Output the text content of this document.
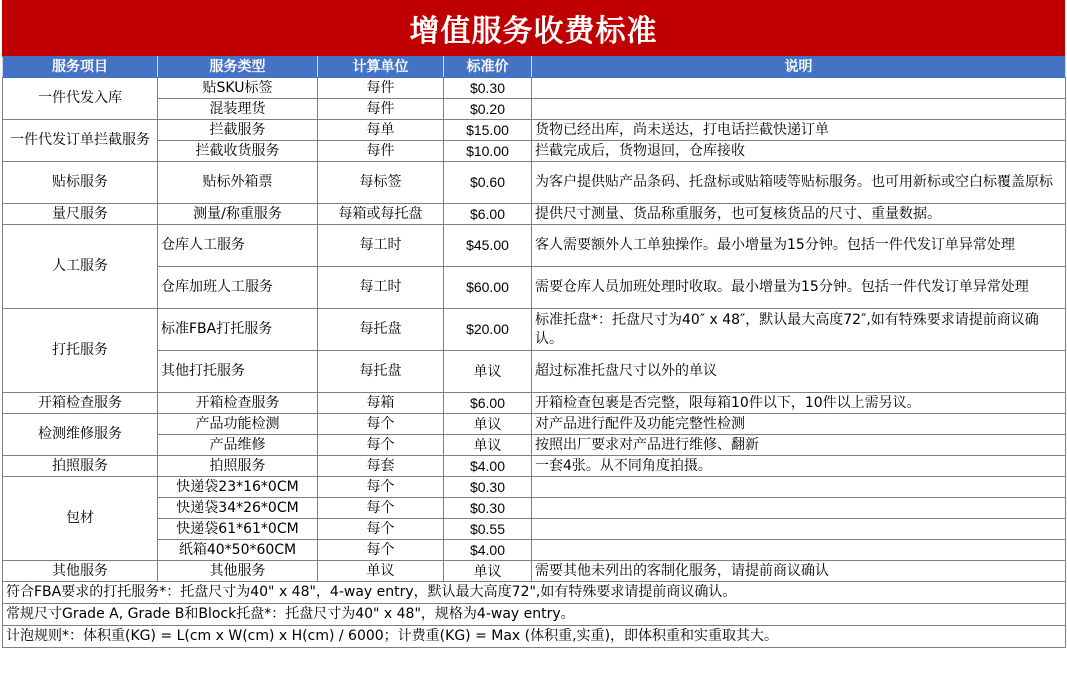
增值服务收费标准
服务项目	服务类型	计算单位	标准价	说明
一件代发入库	贴SKU标签	每件	$0.30	
	混装理货	每件	$0.20	
一件代发订单拦截服务	拦截服务	每单	$15.00	货物已经出库，尚未送达，打电话拦截快递订单
	拦截收货服务	每件	$10.00	拦截完成后，货物退回，仓库接收
贴标服务	贴标外箱票	每标签	$0.60	为客户提供贴产品条码、托盘标或贴箱唛等贴标服务。也可用新标或空白标覆盖原标
量尺服务	测量/称重服务	每箱或每托盘	$6.00	提供尺寸测量、货品称重服务，也可复核货品的尺寸、重量数据。
人工服务	仓库人工服务	每工时	$45.00	客人需要额外人工单独操作。最小增量为15分钟。包括一件代发订单异常处理
	仓库加班人工服务	每工时	$60.00	需要仓库人员加班处理时收取。最小增量为15分钟。包括一件代发订单异常处理
打托服务	标准FBA打托服务	每托盘	$20.00	标准托盘*：托盘尺寸为40″ x 48″，默认最大高度72″,如有特殊要求请提前商议确认。
	其他打托服务	每托盘	单议	超过标准托盘尺寸以外的单议
开箱检查服务	开箱检查服务	每箱	$6.00	开箱检查包裹是否完整，限每箱10件以下，10件以上需另议。
检测维修服务	产品功能检测	每个	单议	对产品进行配件及功能完整性检测
	产品维修	每个	单议	按照出厂要求对产品进行维修、翻新
拍照服务	拍照服务	每套	$4.00	一套4张。从不同角度拍摄。
包材	快递袋23*16*0CM	每个	$0.30	
	快递袋34*26*0CM	每个	$0.30	
	快递袋61*61*0CM	每个	$0.55	
	纸箱40*50*60CM	每个	$4.00	
其他服务	其他服务	单议	单议	需要其他未列出的客制化服务，请提前商议确认
符合FBA要求的打托服务*：托盘尺寸为40" x 48"，4-way entry，默认最大高度72",如有特殊要求请提前商议确认。				
常规尺寸Grade A, Grade B和Block托盘*：托盘尺寸为40" x 48"，规格为4-way entry。				
计泡规则*：体积重(KG) = L(cm x W(cm) x H(cm) / 6000；计费重(KG) = Max (体积重,实重)，即体积重和实重取其大。				
